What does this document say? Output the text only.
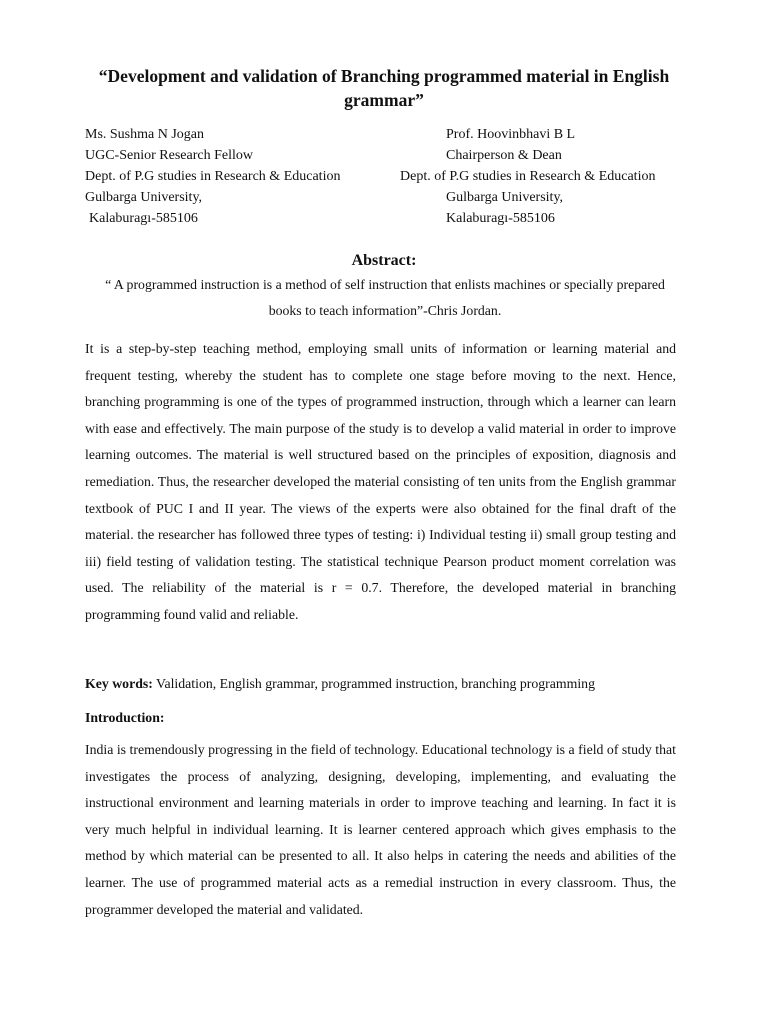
“Development and validation of Branching programmed material in English grammar”
Ms. Sushma N Jogan
UGC-Senior Research Fellow
Dept. of P.G studies in Research & Education
Gulbarga University,
Kalaburagı-585106
Prof. Hoovinbhavi B L
Chairperson & Dean
Dept. of P.G studies in Research & Education
Gulbarga University,
Kalaburagı-585106
Abstract:
“ A programmed instruction is a method of self instruction that enlists machines or specially prepared books to teach information”-Chris Jordan.
It is a step-by-step teaching method, employing small units of information or learning material and frequent testing, whereby the student has to complete one stage before moving to the next. Hence, branching programming is one of the types of programmed instruction, through which a learner can learn with ease and effectively. The main purpose of the study is to develop a valid material in order to improve learning outcomes. The material is well structured based on the principles of exposition, diagnosis and remediation. Thus, the researcher developed the material consisting of ten units from the English grammar textbook of PUC I and II year. The views of the experts were also obtained for the final draft of the material. the researcher has followed three types of testing: i) Individual testing ii) small group testing and iii) field testing of validation testing. The statistical technique Pearson product moment correlation was used. The reliability of the material is r = 0.7. Therefore, the developed material in branching programming found valid and reliable.
Key words: Validation, English grammar, programmed instruction, branching programming
Introduction:
India is tremendously progressing in the field of technology. Educational technology is a field of study that investigates the process of analyzing, designing, developing, implementing, and evaluating the instructional environment and learning materials in order to improve teaching and learning. In fact it is very much helpful in individual learning. It is learner centered approach which gives emphasis to the method by which material can be presented to all. It also helps in catering the needs and abilities of the learner. The use of programmed material acts as a remedial instruction in every classroom. Thus, the programmer developed the material and validated.
